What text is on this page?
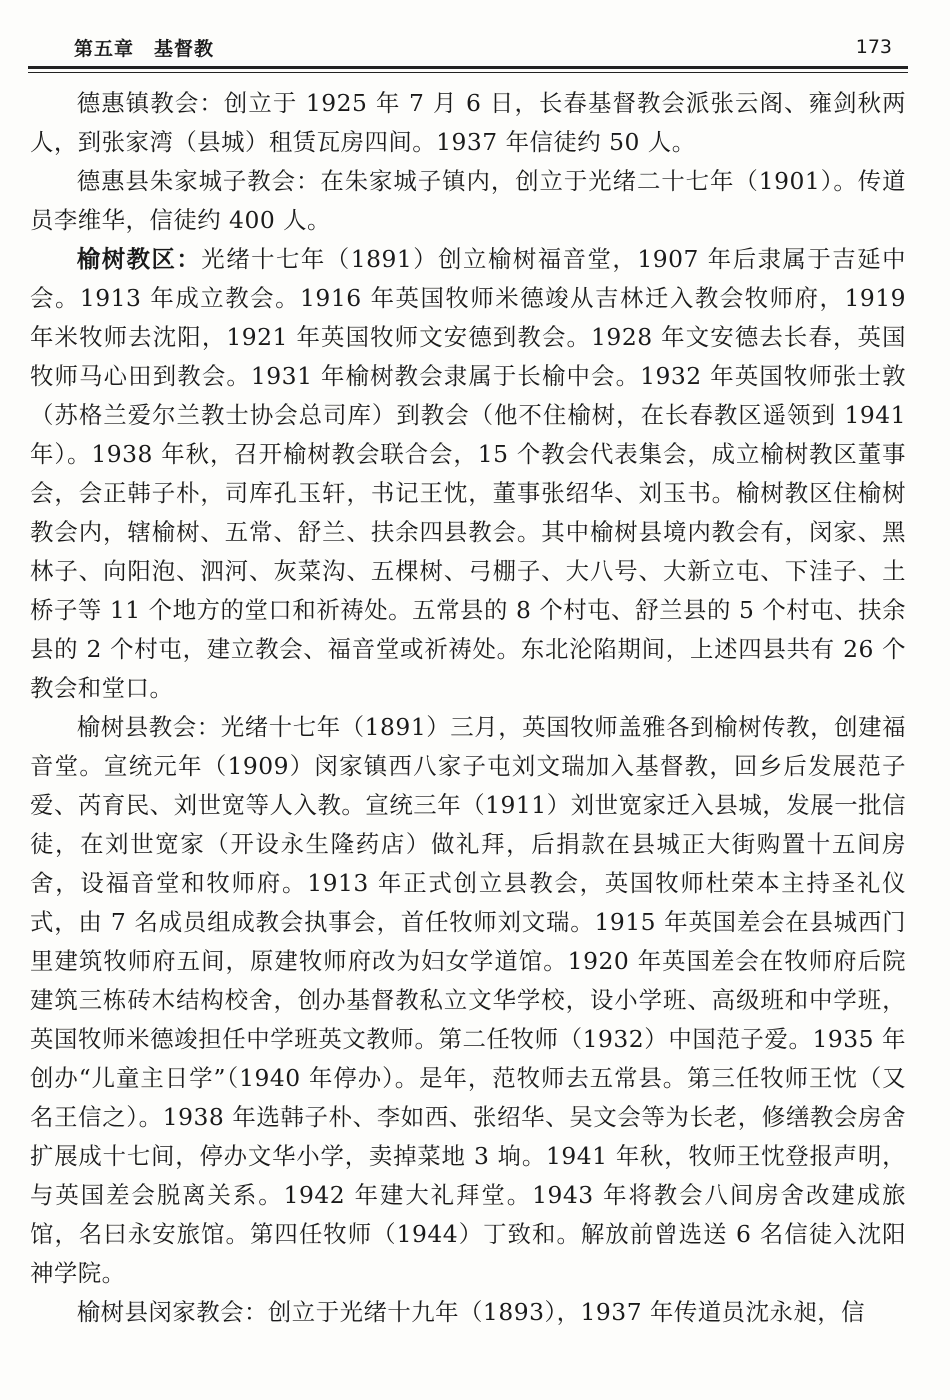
第五章 基督教	173

德惠镇教会：创立于 1925 年 7 月 6 日，长春基督教会派张云阁、雍剑秋两人，到张家湾（县城）租赁瓦房四间。1937 年信徒约 50 人。

德惠县朱家城子教会：在朱家城子镇内，创立于光绪二十七年（1901）。传道员李维华，信徒约 400 人。

榆树教区：光绪十七年（1891）创立榆树福音堂，1907 年后隶属于吉延中会。1913 年成立教会。1916 年英国牧师米德竣从吉林迁入教会牧师府，1919 年米牧师去沈阳，1921 年英国牧师文安德到教会。1928 年文安德去长春，英国牧师马心田到教会。1931 年榆树教会隶属于长榆中会。1932 年英国牧师张士敦（苏格兰爱尔兰教士协会总司库）到教会（他不住榆树，在长春教区遥领到 1941 年）。1938 年秋，召开榆树教会联合会，15 个教会代表集会，成立榆树教区董事会，会正韩子朴，司库孔玉轩，书记王忱，董事张绍华、刘玉书。榆树教区住榆树教会内，辖榆树、五常、舒兰、扶余四县教会。其中榆树县境内教会有，闵家、黑林子、向阳泡、泗河、灰菜沟、五棵树、弓棚子、大八号、大新立屯、下洼子、土桥子等 11 个地方的堂口和祈祷处。五常县的 8 个村屯、舒兰县的 5 个村屯、扶余县的 2 个村屯，建立教会、福音堂或祈祷处。东北沦陷期间，上述四县共有 26 个教会和堂口。

榆树县教会：光绪十七年（1891）三月，英国牧师盖雅各到榆树传教，创建福音堂。宣统元年（1909）闵家镇西八家子屯刘文瑞加入基督教，回乡后发展范子爱、芮育民、刘世宽等人入教。宣统三年（1911）刘世宽家迁入县城，发展一批信徒，在刘世宽家（开设永生隆药店）做礼拜，后捐款在县城正大街购置十五间房舍，设福音堂和牧师府。1913 年正式创立县教会，英国牧师杜荣本主持圣礼仪式，由 7 名成员组成教会执事会，首任牧师刘文瑞。1915 年英国差会在县城西门里建筑牧师府五间，原建牧师府改为妇女学道馆。1920 年英国差会在牧师府后院建筑三栋砖木结构校舍，创办基督教私立文华学校，设小学班、高级班和中学班，英国牧师米德竣担任中学班英文教师。第二任牧师（1932）中国范子爱。1935 年创办“儿童主日学”（1940 年停办）。是年，范牧师去五常县。第三任牧师王忱（又名王信之）。1938 年选韩子朴、李如西、张绍华、吴文会等为长老，修缮教会房舍扩展成十七间，停办文华小学，卖掉菜地 3 垧。1941 年秋，牧师王忱登报声明，与英国差会脱离关系。1942 年建大礼拜堂。1943 年将教会八间房舍改建成旅馆，名曰永安旅馆。第四任牧师（1944）丁致和。解放前曾选送 6 名信徒入沈阳神学院。

榆树县闵家教会：创立于光绪十九年（1893），1937 年传道员沈永昶，信
